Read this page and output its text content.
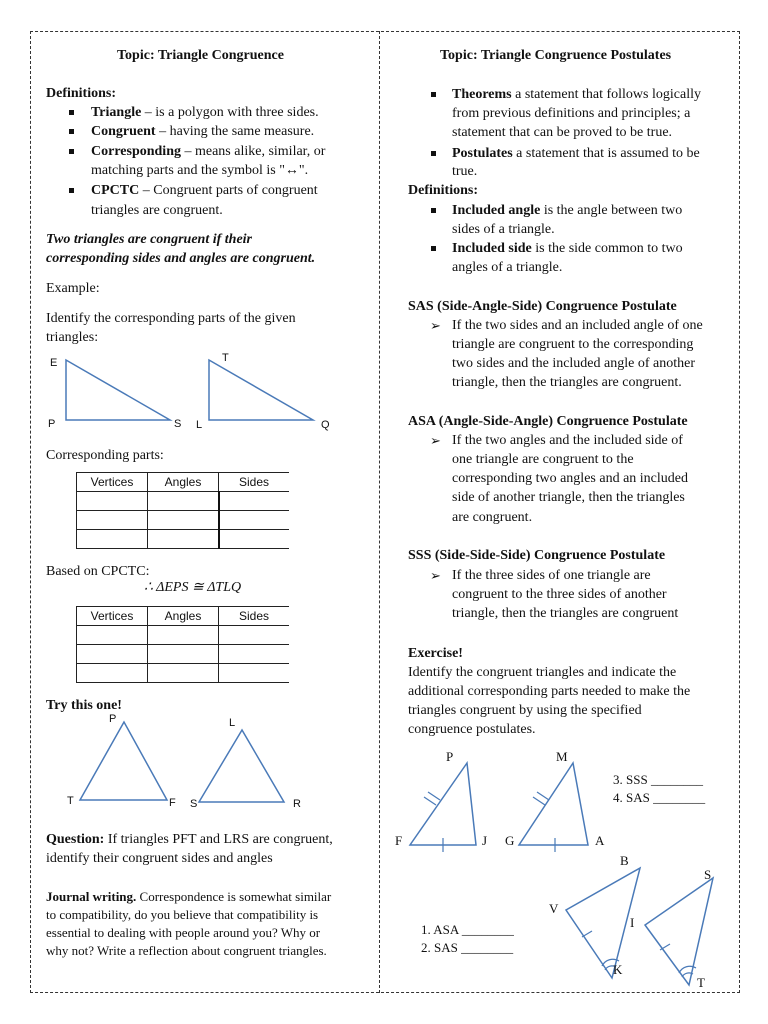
Topic: Triangle Congruence
Definitions:
Triangle – is a polygon with three sides.
Congruent – having the same measure.
Corresponding – means alike, similar, or
matching parts and the symbol is "↔".
CPCTC – Congruent parts of congruent
triangles are congruent.
Two triangles are congruent if their
corresponding sides and angles are congruent.
Example:
Identify the corresponding parts of the given
triangles:
E
P	S
T
L	Q
Corresponding parts:
Vertices	Angles	Sides

Based on CPCTC:
∴ ΔEPS ≅ ΔTLQ
Vertices	Angles	Sides

Try this one!
P
T	F
L
S	R
Question: If triangles PFT and LRS are congruent,
identify their congruent sides and angles
Journal writing. Correspondence is somewhat similar
to compatibility, do you believe that compatibility is
essential to dealing with people around you? Why or
why not? Write a reflection about congruent triangles.
Topic: Triangle Congruence Postulates
Theorems a statement that follows logically
from previous definitions and principles; a
statement that can be proved to be true.
Postulates a statement that is assumed to be
true.
Definitions:
Included angle is the angle between two
sides of a triangle.
Included side is the side common to two
angles of a triangle.
SAS (Side-Angle-Side) Congruence Postulate
➢ If the two sides and an included angle of one
triangle are congruent to the corresponding
two sides and the included angle of another
triangle, then the triangles are congruent.
ASA (Angle-Side-Angle) Congruence Postulate
➢ If the two angles and the included side of
one triangle are congruent to the
corresponding two angles and an included
side of another triangle, then the triangles
are congruent.
SSS (Side-Side-Side) Congruence Postulate
➢ If the three sides of one triangle are
congruent to the three sides of another
triangle, then the triangles are congruent
Exercise!
Identify the congruent triangles and indicate the
additional corresponding parts needed to make the
triangles congruent by using the specified
congruence postulates.
P
F	J
M
G	A
B
V
K
S
I
T
3. SSS ________
4. SAS ________
1. ASA ________
2. SAS ________
